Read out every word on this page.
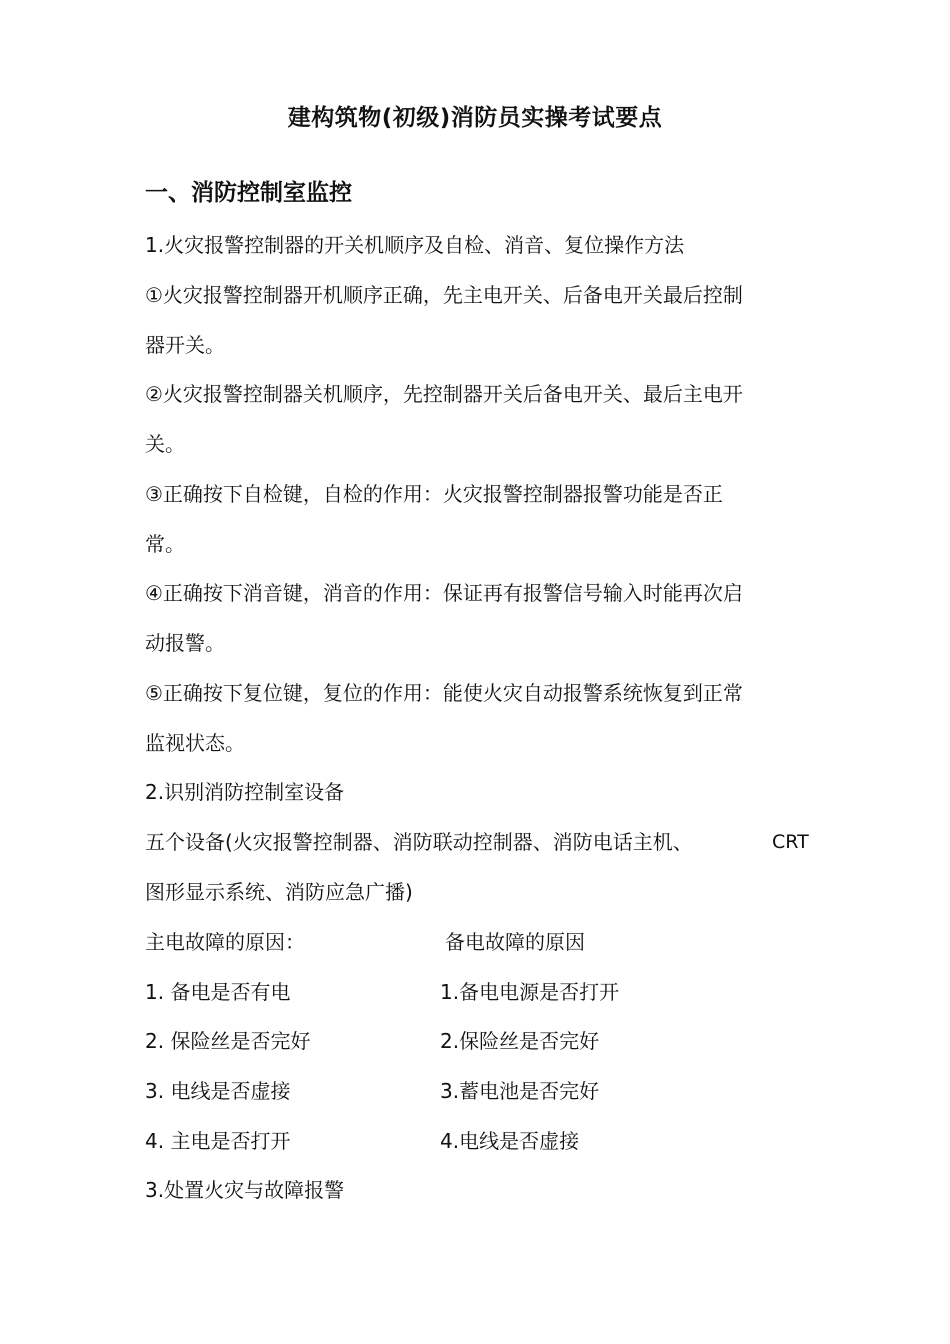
建构筑物(初级)消防员实操考试要点
一、消防控制室监控
1.火灾报警控制器的开关机顺序及自检、消音、复位操作方法
①火灾报警控制器开机顺序正确，先主电开关、后备电开关最后控制
器开关。
②火灾报警控制器关机顺序，先控制器开关后备电开关、最后主电开
关。
③正确按下自检键，自检的作用：火灾报警控制器报警功能是否正
常。
④正确按下消音键，消音的作用：保证再有报警信号输入时能再次启
动报警。
⑤正确按下复位键，复位的作用：能使火灾自动报警系统恢复到正常
监视状态。
2.识别消防控制室设备
五个设备(火灾报警控制器、消防联动控制器、消防电话主机、	CRT
图形显示系统、消防应急广播)
主电故障的原因：	备电故障的原因
1. 备电是否有电	1.备电电源是否打开
2. 保险丝是否完好	2.保险丝是否完好
3. 电线是否虚接	3.蓄电池是否完好
4. 主电是否打开	4.电线是否虚接
3.处置火灾与故障报警
